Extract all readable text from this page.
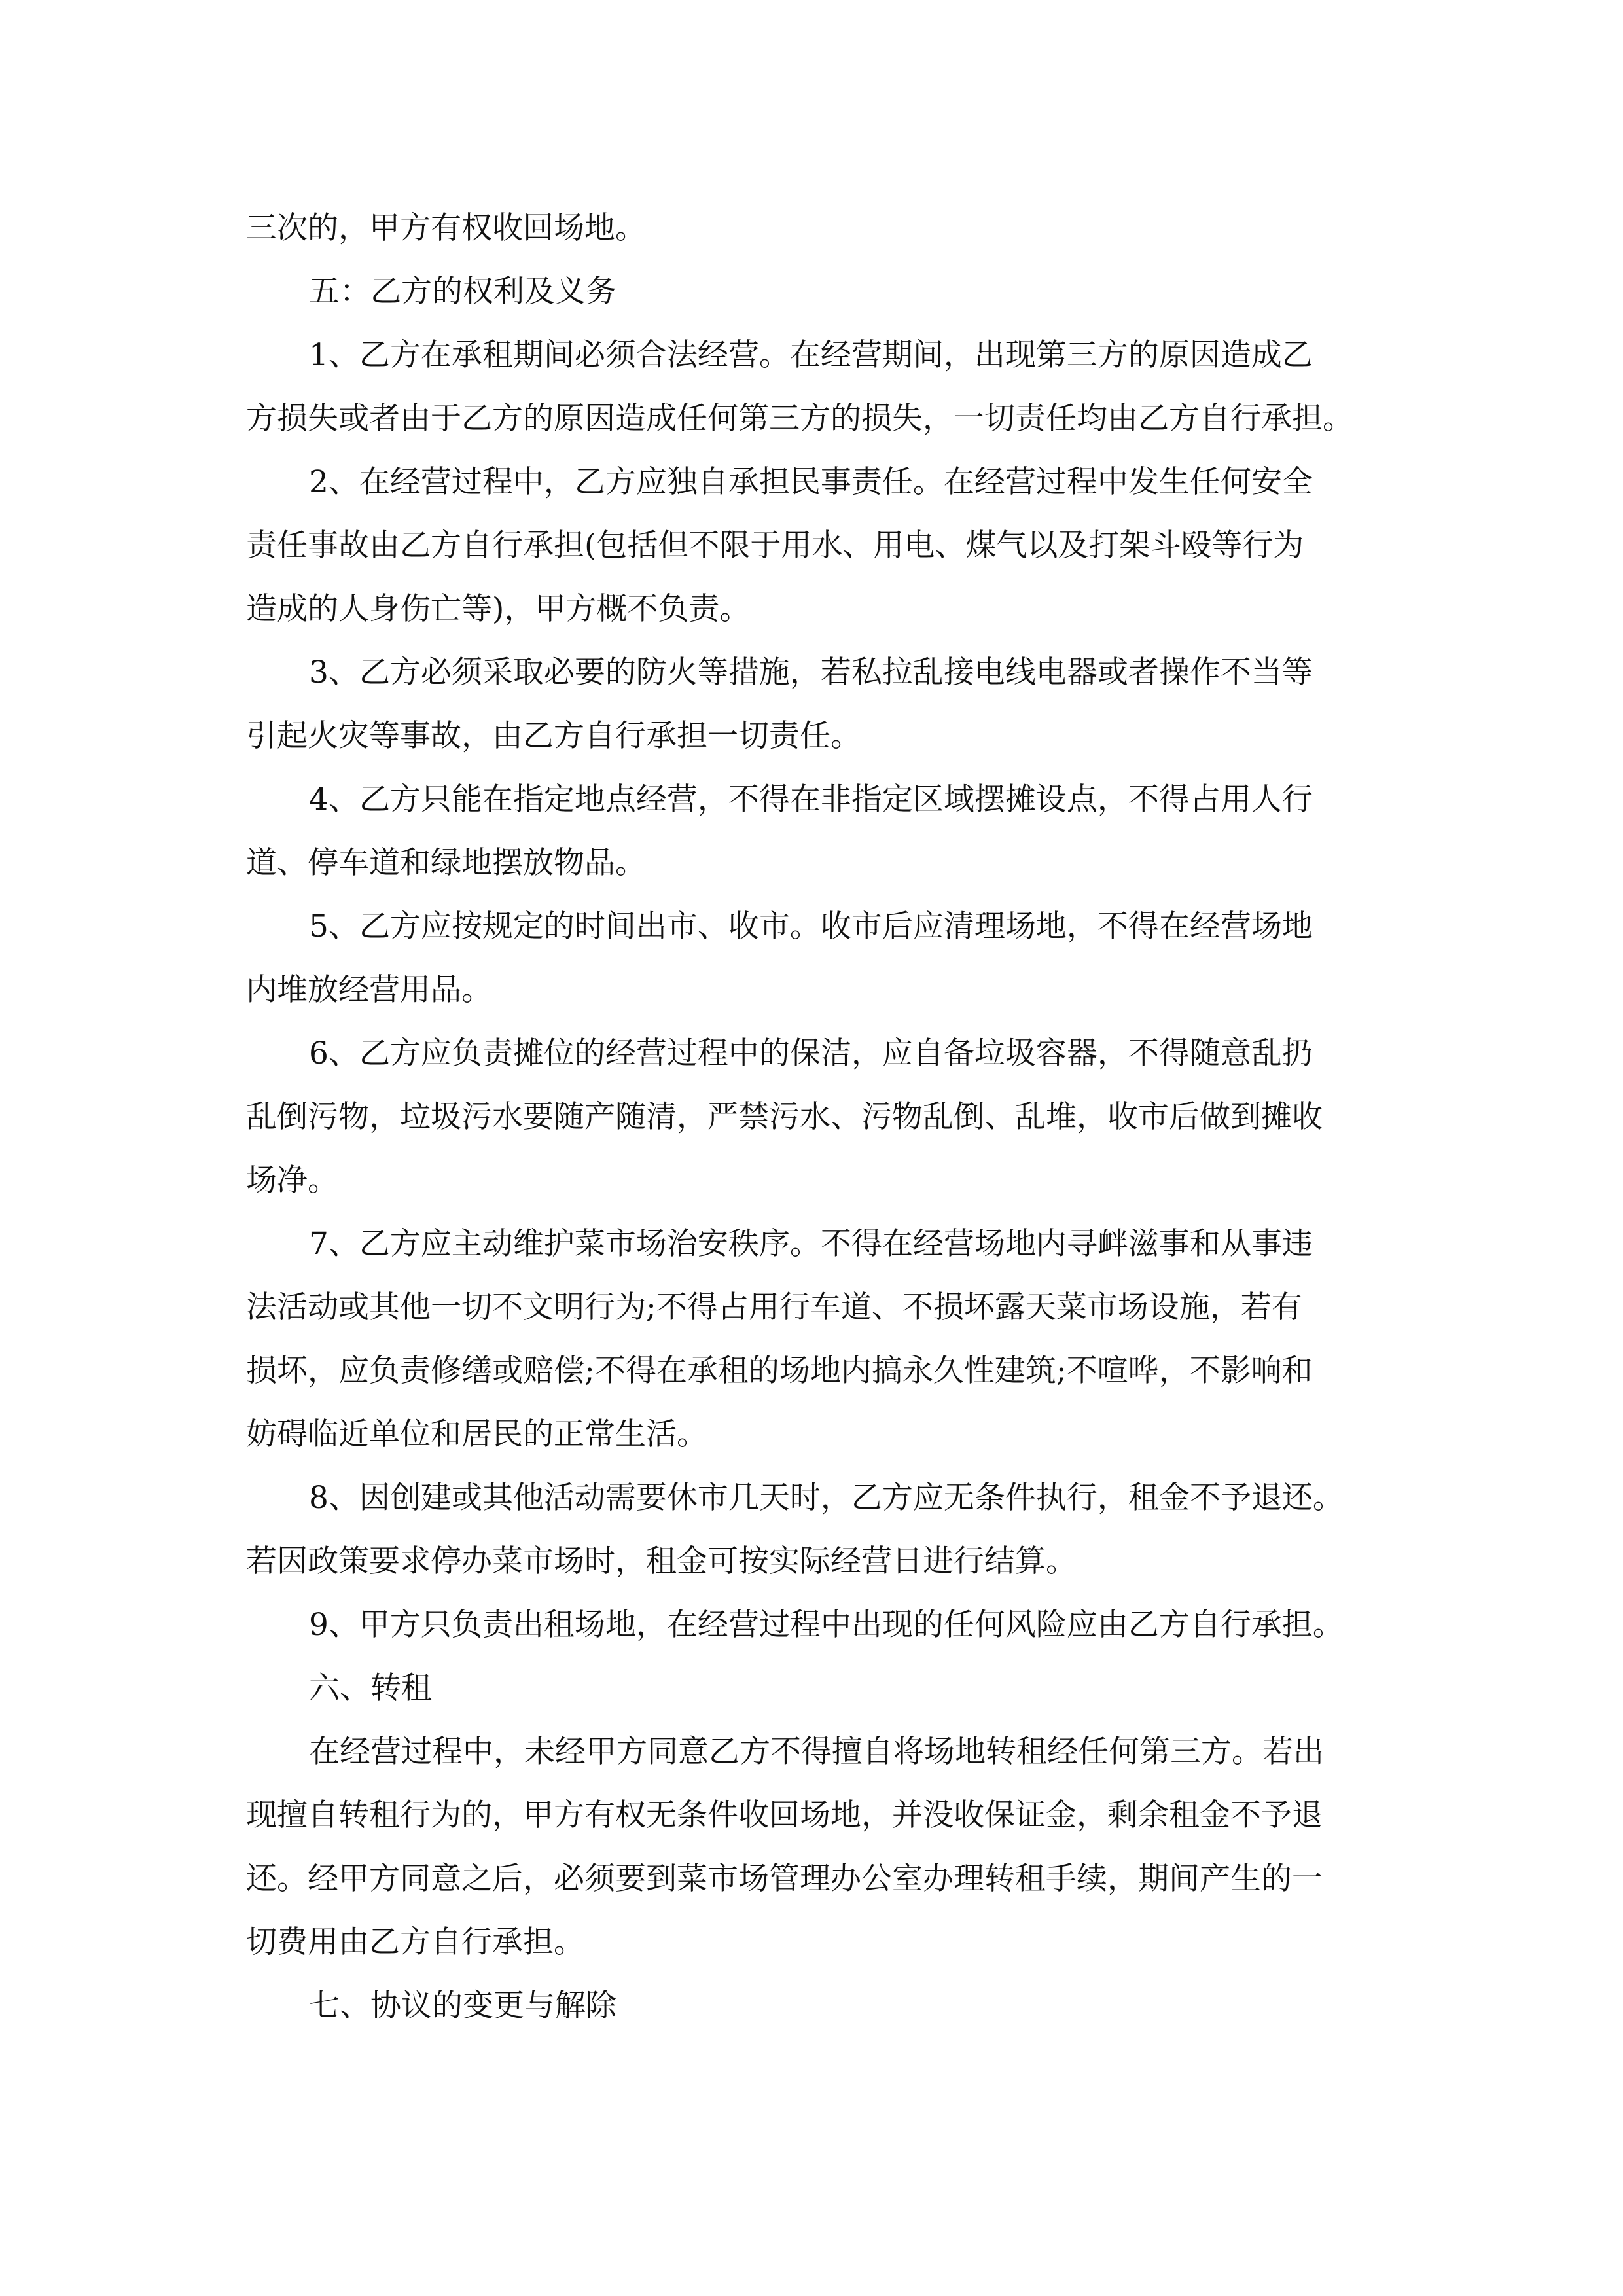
三次的，甲方有权收回场地。

五：乙方的权利及义务

1、乙方在承租期间必须合法经营。在经营期间，出现第三方的原因造成乙
方损失或者由于乙方的原因造成任何第三方的损失，一切责任均由乙方自行承担。

2、在经营过程中，乙方应独自承担民事责任。在经营过程中发生任何安全
责任事故由乙方自行承担(包括但不限于用水、用电、煤气以及打架斗殴等行为
造成的人身伤亡等)，甲方概不负责。

3、乙方必须采取必要的防火等措施，若私拉乱接电线电器或者操作不当等
引起火灾等事故，由乙方自行承担一切责任。

4、乙方只能在指定地点经营，不得在非指定区域摆摊设点，不得占用人行
道、停车道和绿地摆放物品。

5、乙方应按规定的时间出市、收市。收市后应清理场地，不得在经营场地
内堆放经营用品。

6、乙方应负责摊位的经营过程中的保洁，应自备垃圾容器，不得随意乱扔
乱倒污物，垃圾污水要随产随清，严禁污水、污物乱倒、乱堆，收市后做到摊收
场净。

7、乙方应主动维护菜市场治安秩序。不得在经营场地内寻衅滋事和从事违
法活动或其他一切不文明行为;不得占用行车道、不损坏露天菜市场设施，若有
损坏，应负责修缮或赔偿;不得在承租的场地内搞永久性建筑;不喧哗，不影响和
妨碍临近单位和居民的正常生活。

8、因创建或其他活动需要休市几天时，乙方应无条件执行，租金不予退还。
若因政策要求停办菜市场时，租金可按实际经营日进行结算。

9、甲方只负责出租场地，在经营过程中出现的任何风险应由乙方自行承担。

六、转租

在经营过程中，未经甲方同意乙方不得擅自将场地转租经任何第三方。若出
现擅自转租行为的，甲方有权无条件收回场地，并没收保证金，剩余租金不予退
还。经甲方同意之后，必须要到菜市场管理办公室办理转租手续，期间产生的一
切费用由乙方自行承担。

七、协议的变更与解除
